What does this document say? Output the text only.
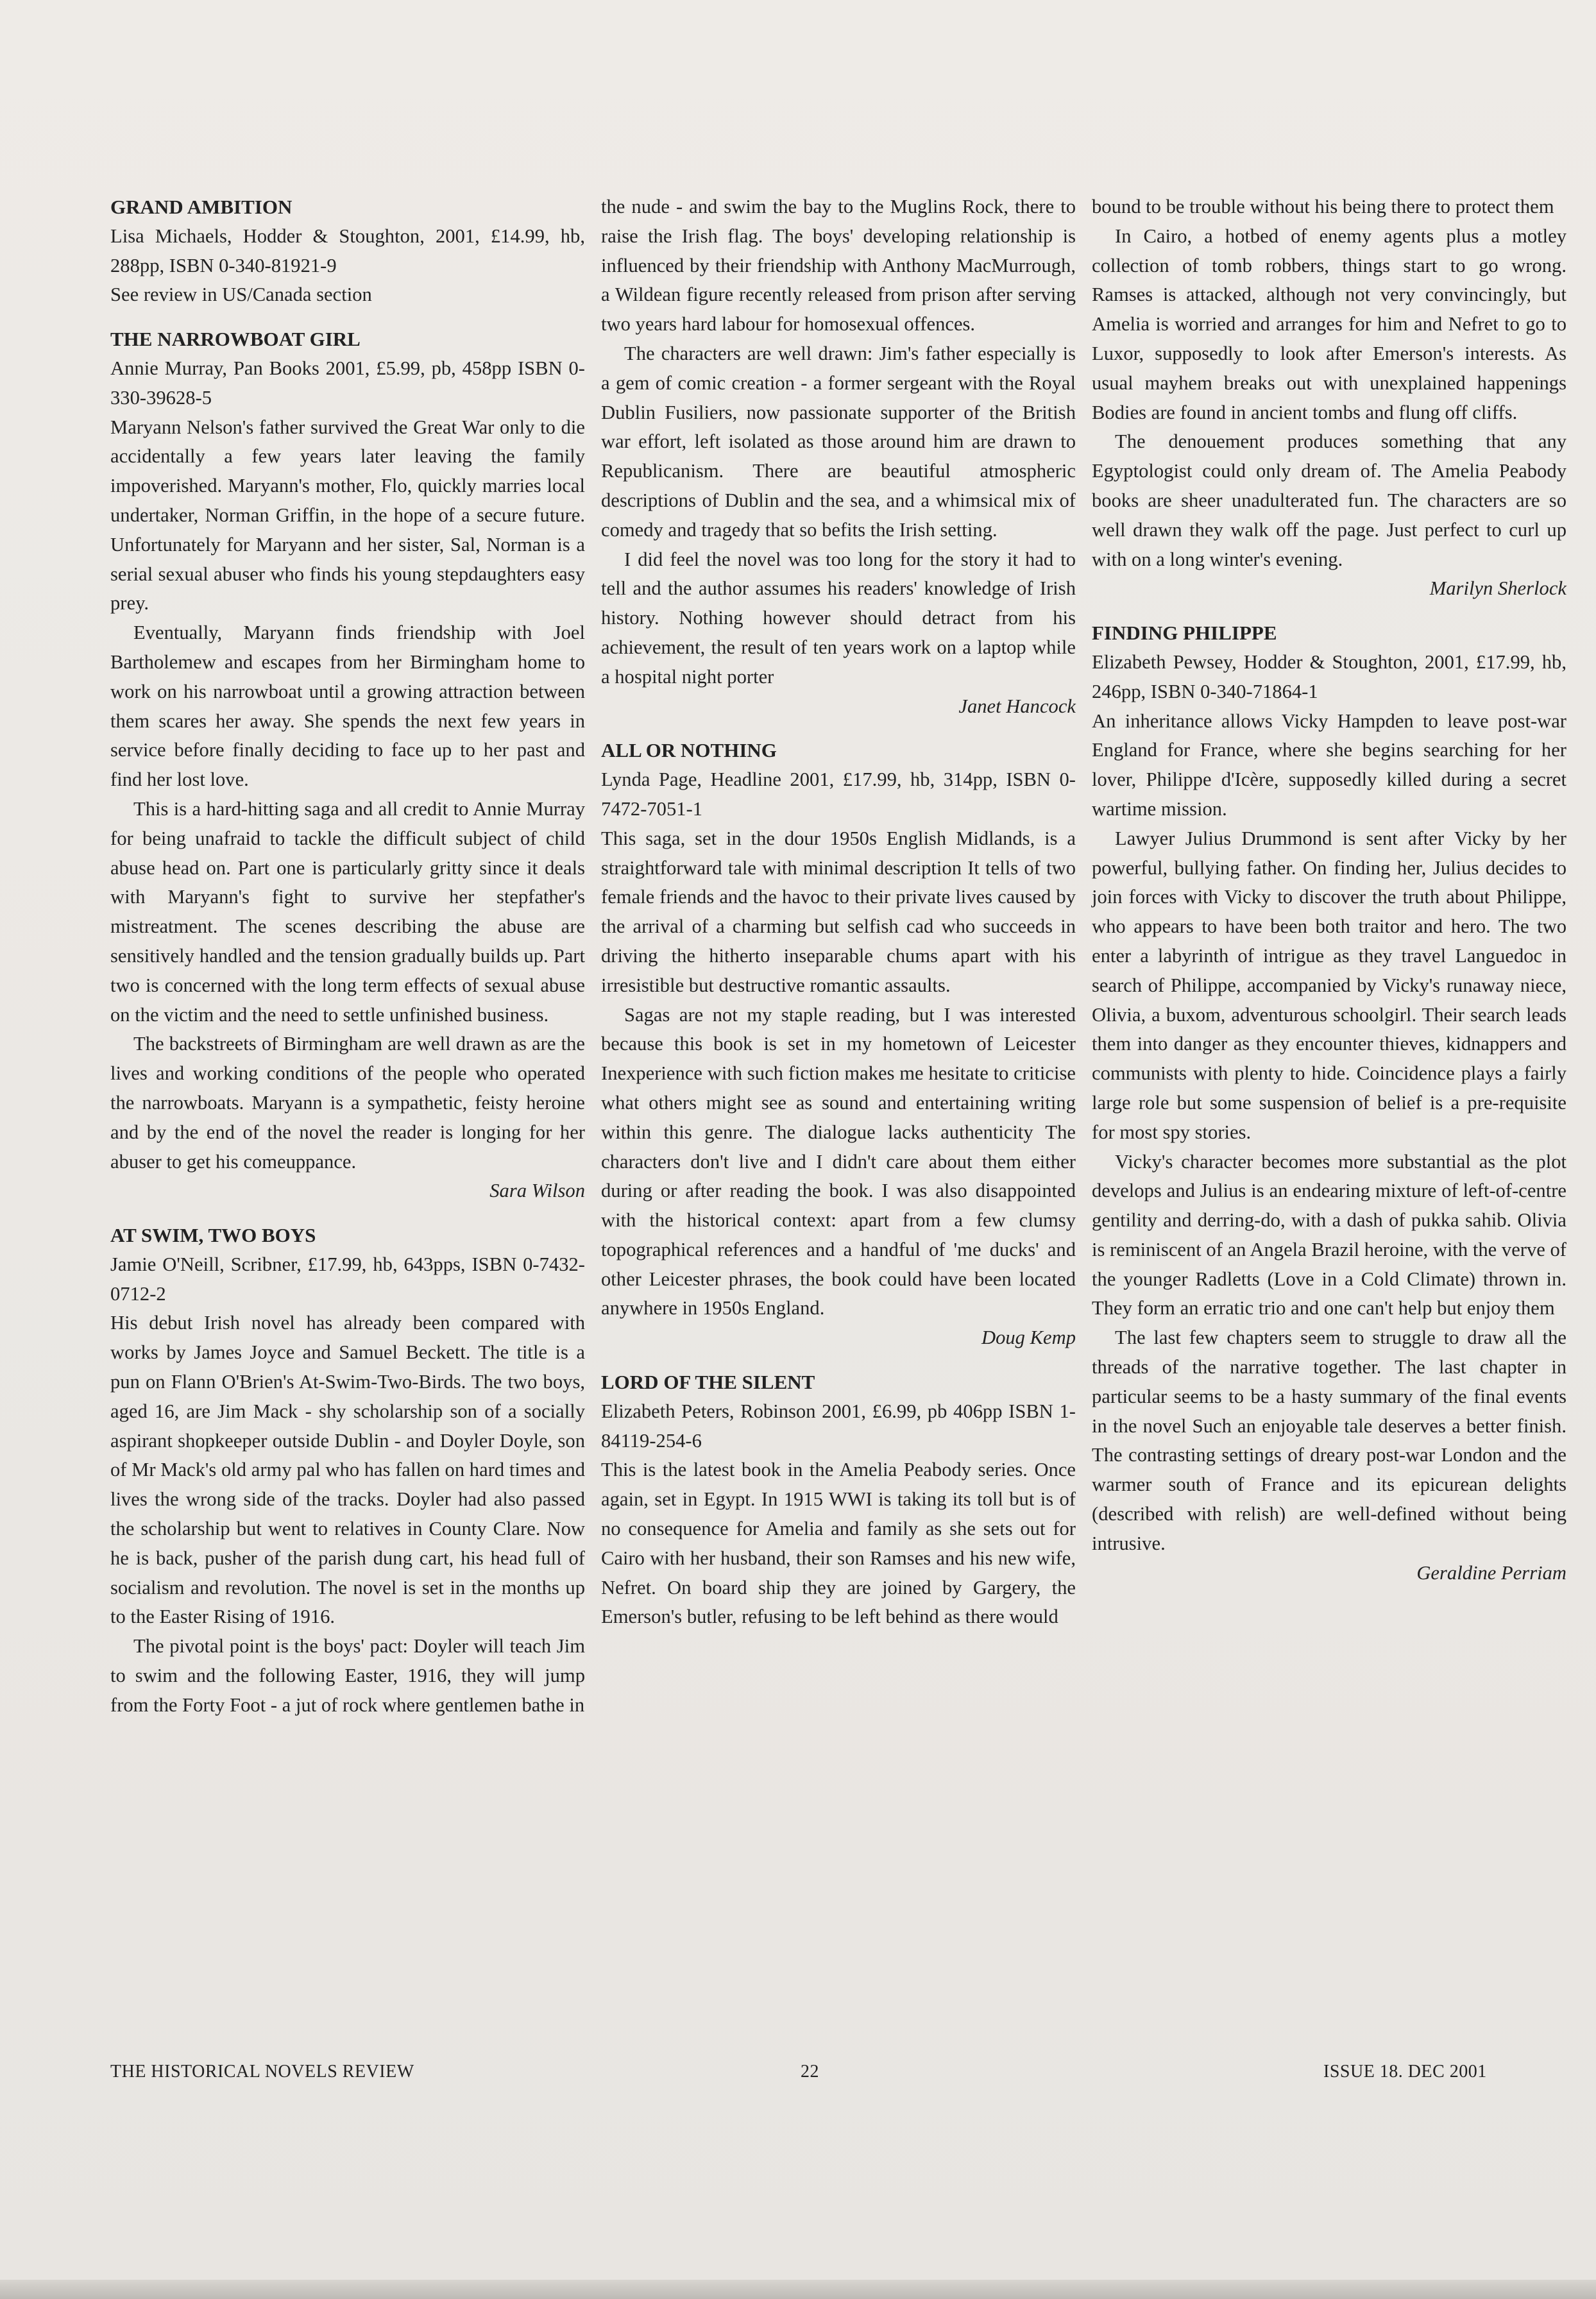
GRAND AMBITION

Lisa Michaels, Hodder & Stoughton, 2001, £14.99, hb, 288pp, ISBN 0-340-81921-9

See review in US/Canada section

THE NARROWBOAT GIRL

Annie Murray, Pan Books 2001, £5.99, pb, 458pp ISBN 0-330-39628-5

Maryann Nelson's father survived the Great War only to die accidentally a few years later leaving the family impoverished. Maryann's mother, Flo, quickly marries local undertaker, Norman Griffin, in the hope of a secure future. Unfortunately for Maryann and her sister, Sal, Norman is a serial sexual abuser who finds his young stepdaughters easy prey.

Eventually, Maryann finds friendship with Joel Bartholemew and escapes from her Birmingham home to work on his narrowboat until a growing attraction between them scares her away. She spends the next few years in service before finally deciding to face up to her past and find her lost love.

This is a hard-hitting saga and all credit to Annie Murray for being unafraid to tackle the difficult subject of child abuse head on. Part one is particularly gritty since it deals with Maryann's fight to survive her stepfather's mistreatment. The scenes describing the abuse are sensitively handled and the tension gradually builds up. Part two is concerned with the long term effects of sexual abuse on the victim and the need to settle unfinished business.

The backstreets of Birmingham are well drawn as are the lives and working conditions of the people who operated the narrowboats. Maryann is a sympathetic, feisty heroine and by the end of the novel the reader is longing for her abuser to get his comeuppance.

Sara Wilson

AT SWIM, TWO BOYS

Jamie O'Neill, Scribner, £17.99, hb, 643pps, ISBN 0-7432-0712-2

His debut Irish novel has already been compared with works by James Joyce and Samuel Beckett. The title is a pun on Flann O'Brien's At-Swim-Two-Birds. The two boys, aged 16, are Jim Mack - shy scholarship son of a socially aspirant shopkeeper outside Dublin - and Doyler Doyle, son of Mr Mack's old army pal who has fallen on hard times and lives the wrong side of the tracks. Doyler had also passed the scholarship but went to relatives in County Clare. Now he is back, pusher of the parish dung cart, his head full of socialism and revolution. The novel is set in the months up to the Easter Rising of 1916.

The pivotal point is the boys' pact: Doyler will teach Jim to swim and the following Easter, 1916, they will jump from the Forty Foot - a jut of rock where gentlemen bathe in

the nude - and swim the bay to the Muglins Rock, there to raise the Irish flag. The boys' developing relationship is influenced by their friendship with Anthony MacMurrough, a Wildean figure recently released from prison after serving two years hard labour for homosexual offences.

The characters are well drawn: Jim's father especially is a gem of comic creation - a former sergeant with the Royal Dublin Fusiliers, now passionate supporter of the British war effort, left isolated as those around him are drawn to Republicanism. There are beautiful atmospheric descriptions of Dublin and the sea, and a whimsical mix of comedy and tragedy that so befits the Irish setting.

I did feel the novel was too long for the story it had to tell and the author assumes his readers' knowledge of Irish history. Nothing however should detract from his achievement, the result of ten years work on a laptop while a hospital night porter

Janet Hancock

ALL OR NOTHING

Lynda Page, Headline 2001, £17.99, hb, 314pp, ISBN 0-7472-7051-1

This saga, set in the dour 1950s English Midlands, is a straightforward tale with minimal description It tells of two female friends and the havoc to their private lives caused by the arrival of a charming but selfish cad who succeeds in driving the hitherto inseparable chums apart with his irresistible but destructive romantic assaults.

Sagas are not my staple reading, but I was interested because this book is set in my hometown of Leicester Inexperience with such fiction makes me hesitate to criticise what others might see as sound and entertaining writing within this genre. The dialogue lacks authenticity The characters don't live and I didn't care about them either during or after reading the book. I was also disappointed with the historical context: apart from a few clumsy topographical references and a handful of 'me ducks' and other Leicester phrases, the book could have been located anywhere in 1950s England.

Doug Kemp

LORD OF THE SILENT

Elizabeth Peters, Robinson 2001, £6.99, pb 406pp ISBN 1-84119-254-6

This is the latest book in the Amelia Peabody series. Once again, set in Egypt. In 1915 WWI is taking its toll but is of no consequence for Amelia and family as she sets out for Cairo with her husband, their son Ramses and his new wife, Nefret. On board ship they are joined by Gargery, the Emerson's butler, refusing to be left behind as there would

bound to be trouble without his being there to protect them

In Cairo, a hotbed of enemy agents plus a motley collection of tomb robbers, things start to go wrong. Ramses is attacked, although not very convincingly, but Amelia is worried and arranges for him and Nefret to go to Luxor, supposedly to look after Emerson's interests. As usual mayhem breaks out with unexplained happenings Bodies are found in ancient tombs and flung off cliffs.

The denouement produces something that any Egyptologist could only dream of. The Amelia Peabody books are sheer unadulterated fun. The characters are so well drawn they walk off the page. Just perfect to curl up with on a long winter's evening.

Marilyn Sherlock

FINDING PHILIPPE

Elizabeth Pewsey, Hodder & Stoughton, 2001, £17.99, hb, 246pp, ISBN 0-340-71864-1

An inheritance allows Vicky Hampden to leave post-war England for France, where she begins searching for her lover, Philippe d'Icère, supposedly killed during a secret wartime mission.

Lawyer Julius Drummond is sent after Vicky by her powerful, bullying father. On finding her, Julius decides to join forces with Vicky to discover the truth about Philippe, who appears to have been both traitor and hero. The two enter a labyrinth of intrigue as they travel Languedoc in search of Philippe, accompanied by Vicky's runaway niece, Olivia, a buxom, adventurous schoolgirl. Their search leads them into danger as they encounter thieves, kidnappers and communists with plenty to hide. Coincidence plays a fairly large role but some suspension of belief is a pre-requisite for most spy stories.

Vicky's character becomes more substantial as the plot develops and Julius is an endearing mixture of left-of-centre gentility and derring-do, with a dash of pukka sahib. Olivia is reminiscent of an Angela Brazil heroine, with the verve of the younger Radletts (Love in a Cold Climate) thrown in. They form an erratic trio and one can't help but enjoy them

The last few chapters seem to struggle to draw all the threads of the narrative together. The last chapter in particular seems to be a hasty summary of the final events in the novel Such an enjoyable tale deserves a better finish. The contrasting settings of dreary post-war London and the warmer south of France and its epicurean delights (described with relish) are well-defined without being intrusive.

Geraldine Perriam

THE HISTORICAL NOVELS REVIEW	22	ISSUE 18. DEC 2001
